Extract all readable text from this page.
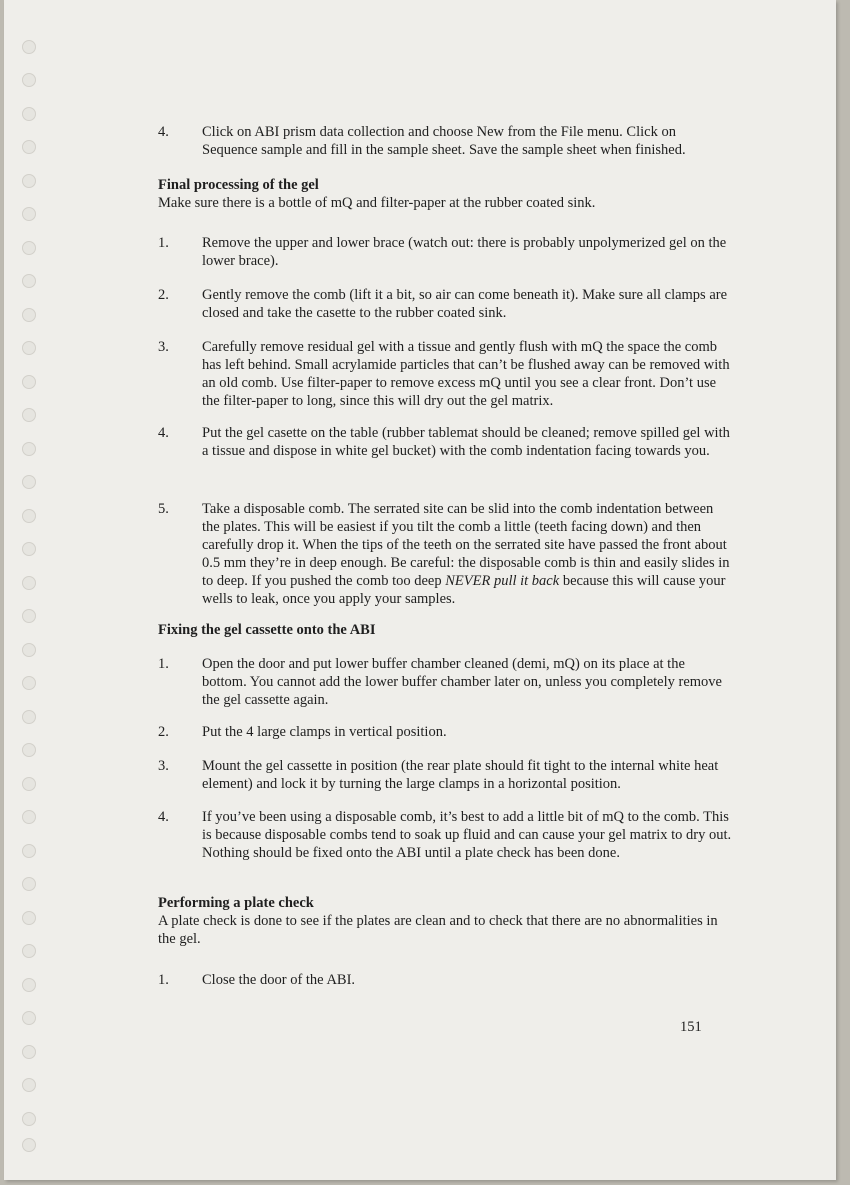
4. Click on ABI prism data collection and choose New from the File menu. Click on Sequence sample and fill in the sample sheet. Save the sample sheet when finished.
Final processing of the gel
Make sure there is a bottle of mQ and filter-paper at the rubber coated sink.
1. Remove the upper and lower brace (watch out: there is probably unpolymerized gel on the lower brace).
2. Gently remove the comb (lift it a bit, so air can come beneath it). Make sure all clamps are closed and take the casette to the rubber coated sink.
3. Carefully remove residual gel with a tissue and gently flush with mQ the space the comb has left behind. Small acrylamide particles that can’t be flushed away can be removed with an old comb. Use filter-paper to remove excess mQ until you see a clear front. Don’t use the filter-paper to long, since this will dry out the gel matrix.
4. Put the gel casette on the table (rubber tablemat should be cleaned; remove spilled gel with a tissue and dispose in white gel bucket) with the comb indentation facing towards you.
5. Take a disposable comb. The serrated site can be slid into the comb indentation between the plates. This will be easiest if you tilt the comb a little (teeth facing down) and then carefully drop it. When the tips of the teeth on the serrated site have passed the front about 0.5 mm they’re in deep enough. Be careful: the disposable comb is thin and easily slides in to deep. If you pushed the comb too deep NEVER pull it back because this will cause your wells to leak, once you apply your samples.
Fixing the gel cassette onto the ABI
1. Open the door and put lower buffer chamber cleaned (demi, mQ) on its place at the bottom. You cannot add the lower buffer chamber later on, unless you completely remove the gel cassette again.
2. Put the 4 large clamps in vertical position.
3. Mount the gel cassette in position (the rear plate should fit tight to the internal white heat element) and lock it by turning the large clamps in a horizontal position.
4. If you’ve been using a disposable comb, it’s best to add a little bit of mQ to the comb. This is because disposable combs tend to soak up fluid and can cause your gel matrix to dry out. Nothing should be fixed onto the ABI until a plate check has been done.
Performing a plate check
A plate check is done to see if the plates are clean and to check that there are no abnormalities in the gel.
1. Close the door of the ABI.
151
